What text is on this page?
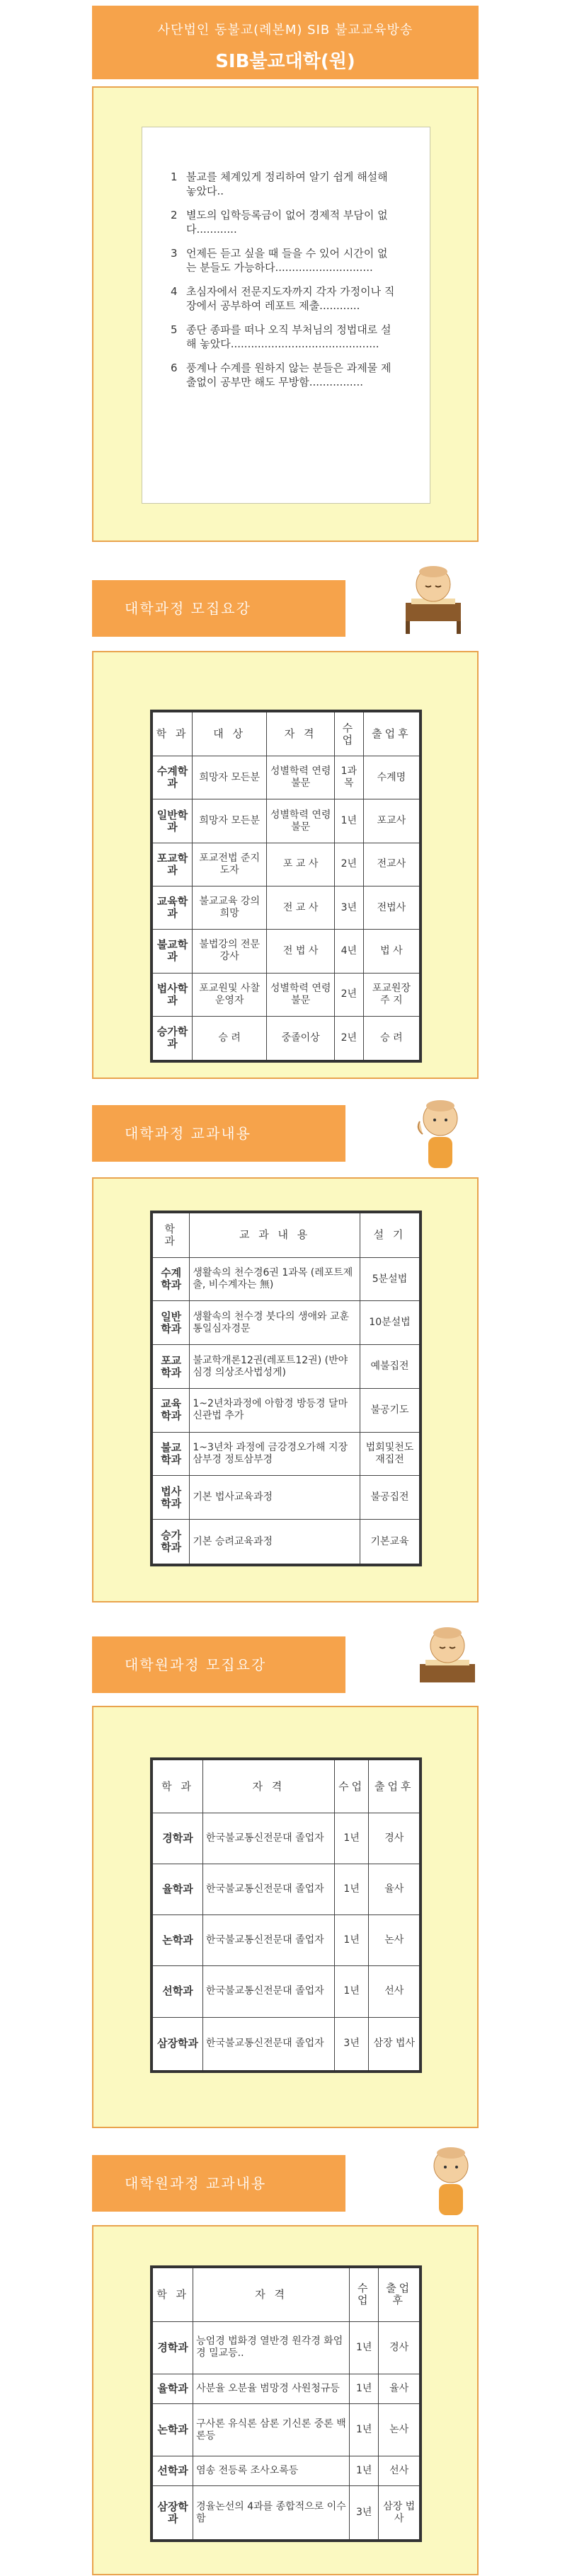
사단법인 동불교(례본M) SIB 불교교육방송
SIB불교대학(원)
1 불교를 체계있게 정리하여 알기 쉽게 해설해 놓았다..
2 별도의 입학등록금이 없어 경제적 부담이 없다............
3 언제든 듣고 싶을 때 들을 수 있어 시간이 없는 분들도 가능하다.............................
4 초심자에서 전문지도자까지 각자 가정이나 직장에서 공부하여 레포트 제출............
5 종단 종파를 떠나 오직 부처님의 정법대로 설해 놓았다............................................
6 풍계나 수계를 원하지 않는 분들은 과제물 제출없이 공부만 해도 무방함................
대학과정 모집요강
학 과	대 상	자 격	수업	출업후
수계학과	희망자 모든분	성별학력 연령불문	1과목	수계명
일반학과	희망자 모든분	성별학력 연령불문	1년	포교사
포교학과	포교전법 준지도자	포 교 사	2년	전교사
교육학과	불교교육 강의희망	전 교 사	3년	전법사
불교학과	불법강의 전문강사	전 법 사	4년	법 사
법사학과	포교원및 사찰운영자	성별학력 연령불문	2년	포교원장 주 지
승가학과	승 려	중졸이상	2년	승 려
대학과정 교과내용
학 과	교 과 내 용	설 기
수계학과	생활속의 천수경6권 1과목 (레포트제출, 비수계자는 無)	5분설법
일반학과	생활속의 천수경 붓다의 생애와 교훈 통일심자경문	10분설법
포교학과	불교학개론12권(레포트12권) (반야심경 의상조사법성게)	예불집전
교육학과	1~2년차과정에 아함경 방등경 달마신관법 추가	불공기도
불교학과	1~3년차 과정에 금강경오가해 지장삼부경 정토삼부경	법회및천도재집전
법사학과	기본 법사교육과정	불공집전
승가학과	기본 승려교육과정	기본교육
대학원과정 모집요강
학 과	자 격	수업	출업후
경학과	한국불교통신전문대 졸업자	1년	경사
율학과	한국불교통신전문대 졸업자	1년	율사
논학과	한국불교통신전문대 졸업자	1년	논사
선학과	한국불교통신전문대 졸업자	1년	선사
삼장학과	한국불교통신전문대 졸업자	3년	삼장 법사
대학원과정 교과내용
학 과	자 격	수업	출업후
경학과	능엄경 법화경 열반경 원각경 화엄경 밀교등..	1년	경사
율학과	사분율 오분율 범망경 사원청규등	1년	율사
논학과	구사론 유식론 삼론 기신론 중론 백론등	1년	논사
선학과	염송 전등록 조사오록등	1년	선사
삼장학과	경율논선의 4과를 종합적으로 이수함	3년	삼장 법사
